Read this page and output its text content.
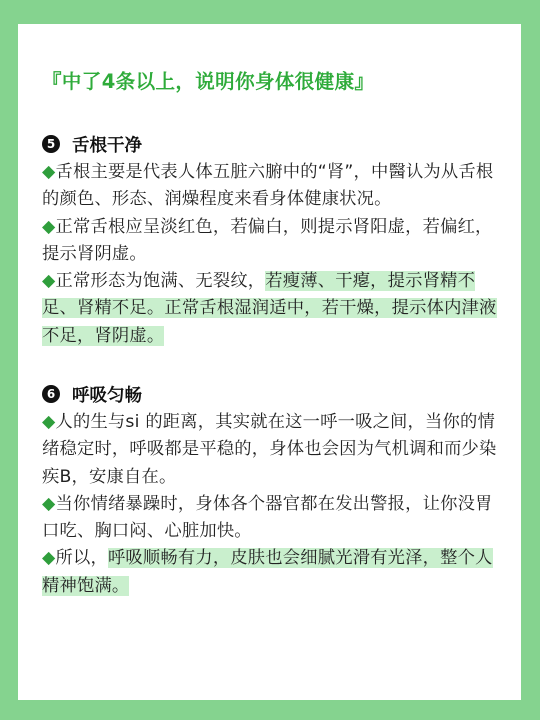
『中了4条以上，说明你身体很健康』
5 舌根干净

◆舌根主要是代表人体五脏六腑中的“肾”，中醫认为从舌根的颜色、形态、润燥程度来看身体健康状况。

◆正常舌根应呈淡红色，若偏白，则提示肾阳虚，若偏红，提示肾阴虚。

◆正常形态为饱满、无裂纹，若瘦薄、干瘪，提示肾精不足、肾精不足。正常舌根湿润适中，若干燥，提示体内津液不足，肾阴虚。

6 呼吸匀畅

◆人的生与si 的距离，其实就在这一呼一吸之间，当你的情绪稳定时，呼吸都是平稳的，身体也会因为气机调和而少染疾B，安康自在。

◆当你情绪暴躁时，身体各个器官都在发出警报，让你没胃口吃、胸口闷、心脏加快。

◆所以，呼吸顺畅有力，皮肤也会细腻光滑有光泽，整个人精神饱满。

@百岁老人培养手册
